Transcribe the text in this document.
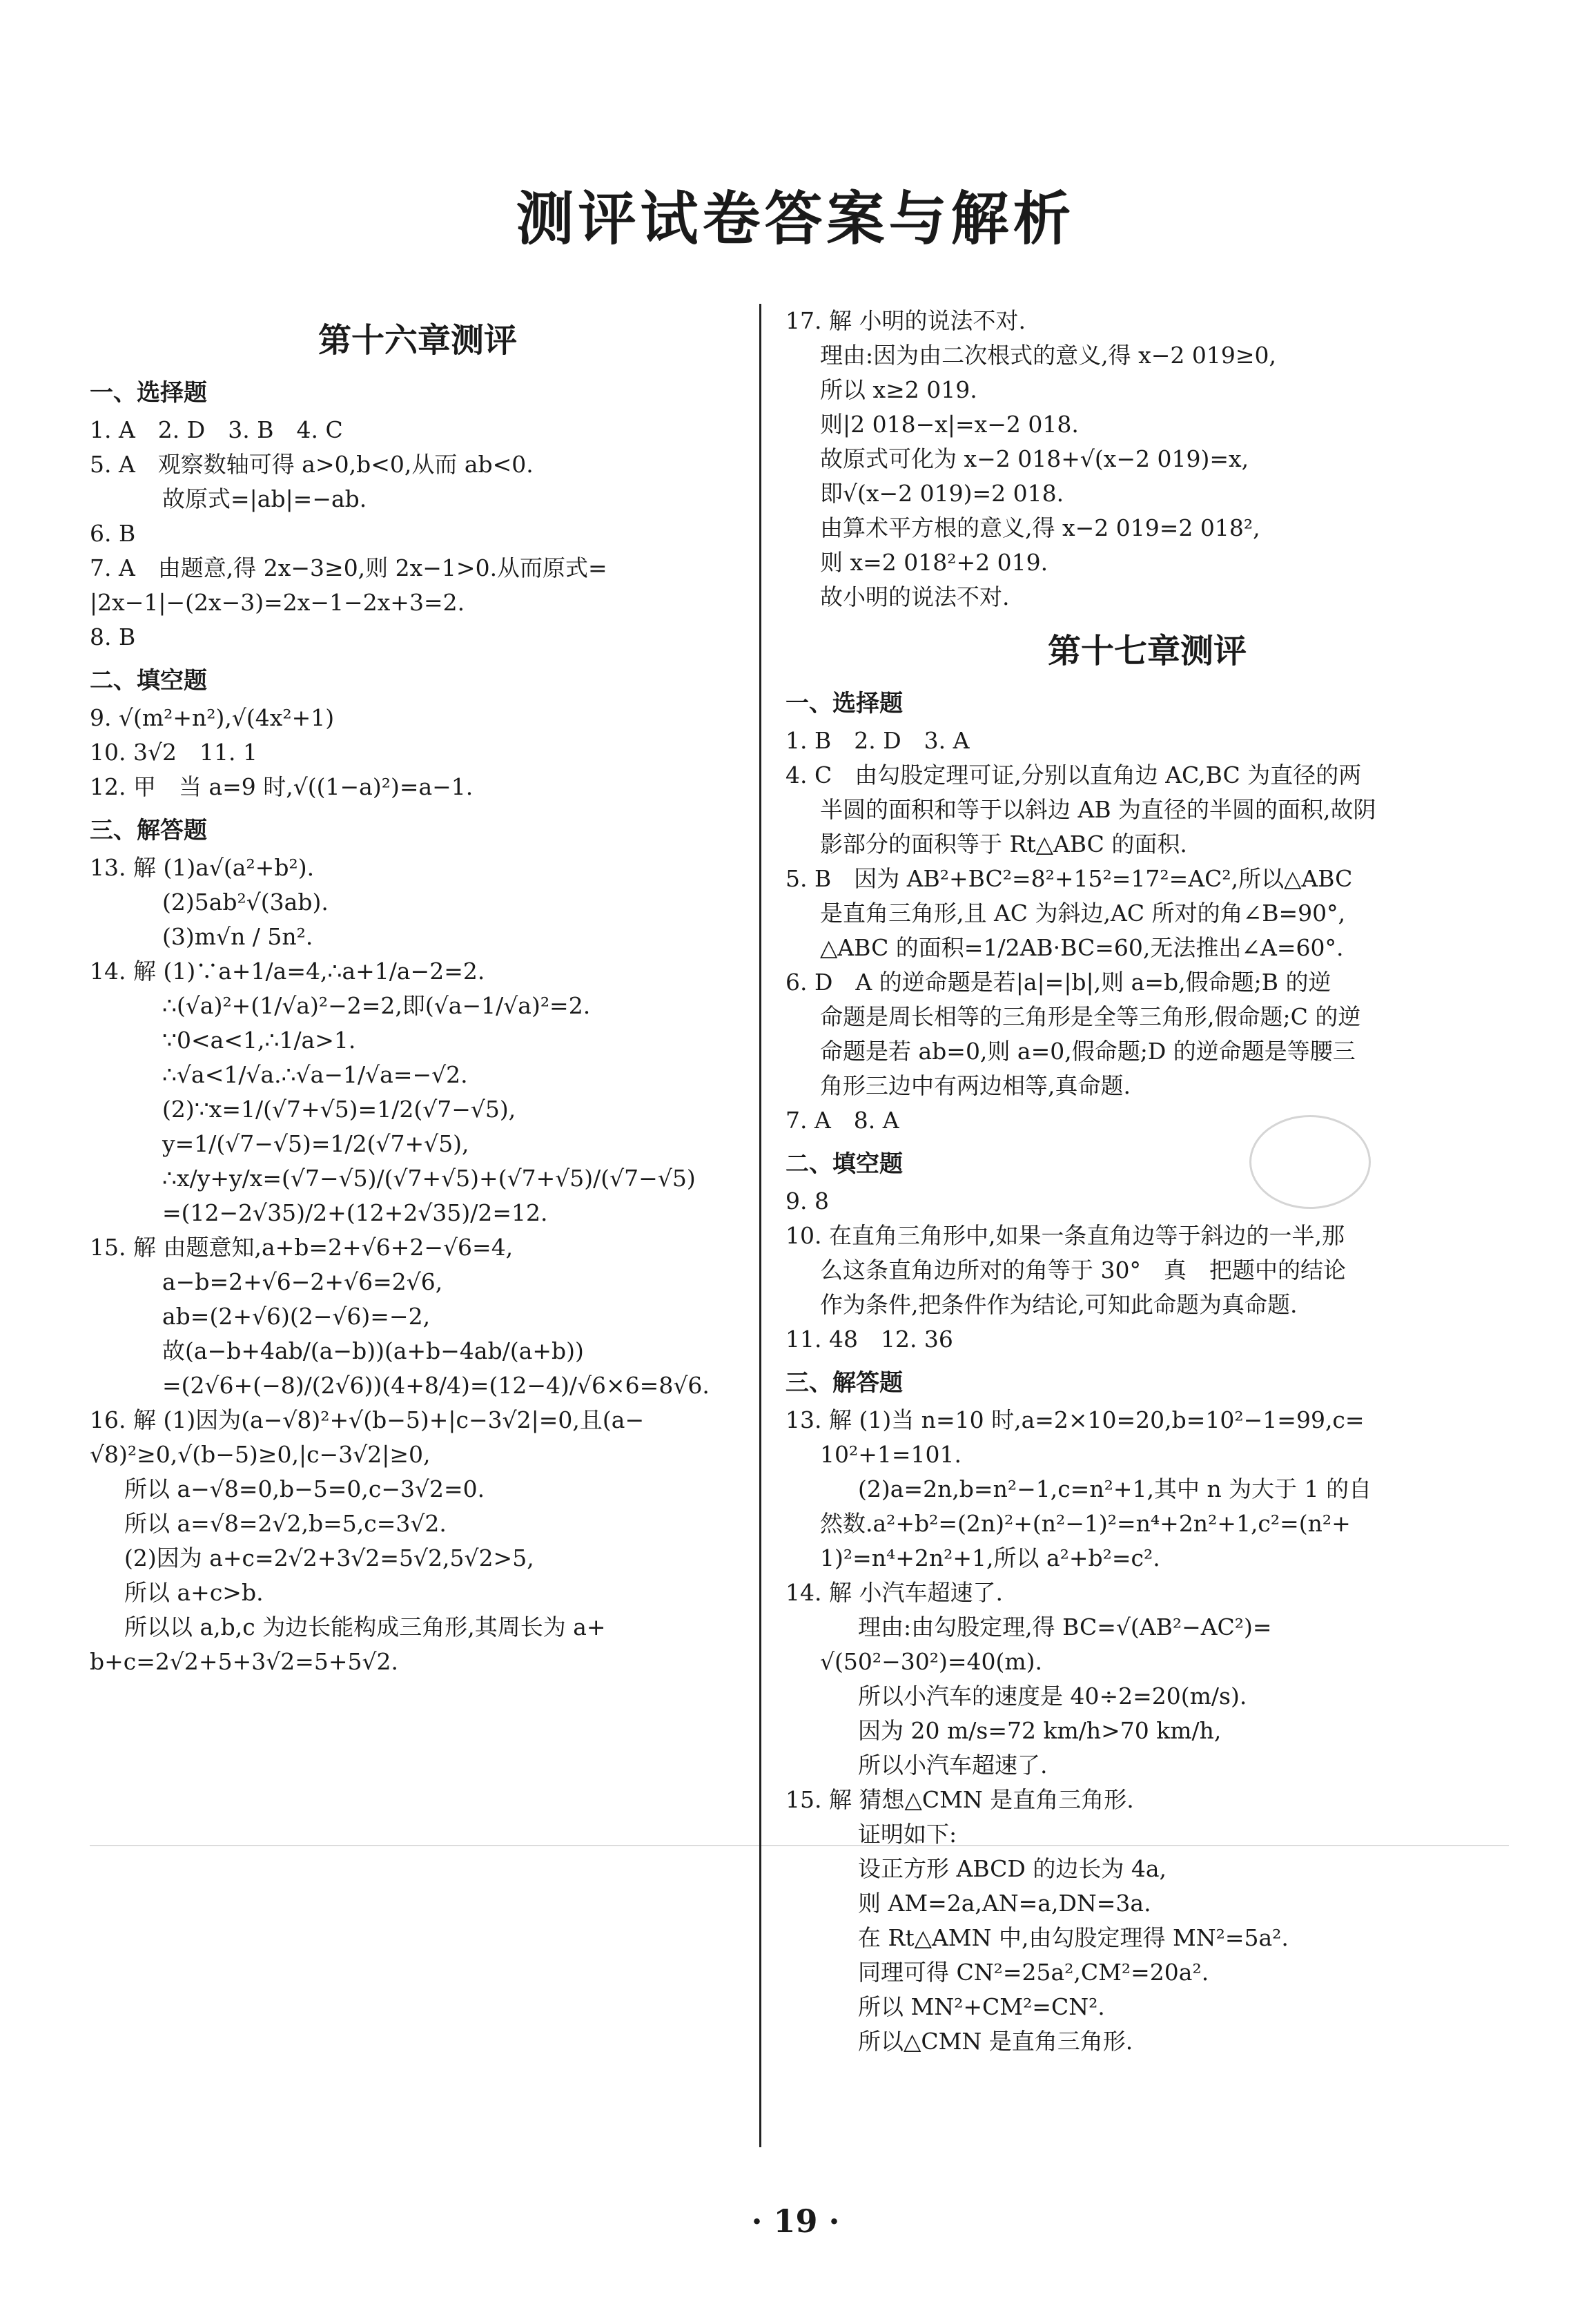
测评试卷答案与解析
第十六章测评
一、选择题
1. A　2. D　3. B　4. C
5. A　观察数轴可得 a>0,b<0,从而 ab<0.
故原式=|ab|=−ab.
6. B
7. A　由题意,得 2x−3≥0,则 2x−1>0.从而原式=
|2x−1|−(2x−3)=2x−1−2x+3=2.
8. B
二、填空题
9. √(m²+n²),√(4x²+1)
10. 3√2　11. 1
12. 甲　当 a=9 时,√((1−a)²)=a−1.
三、解答题
13. 解 (1)a√(a²+b²).
(2)5ab²√(3ab).
(3)m√n / 5n².
14. 解 (1)∵a+1/a=4,∴a+1/a−2=2.
∴(√a)²+(1/√a)²−2=2,即(√a−1/√a)²=2.
∵0<a<1,∴1/a>1.
∴√a<1/√a.∴√a−1/√a=−√2.
(2)∵x=1/(√7+√5)=1/2(√7−√5),
y=1/(√7−√5)=1/2(√7+√5),
∴x/y+y/x=(√7−√5)/(√7+√5)+(√7+√5)/(√7−√5)
=(12−2√35)/2+(12+2√35)/2=12.
15. 解 由题意知,a+b=2+√6+2−√6=4,
a−b=2+√6−2+√6=2√6,
ab=(2+√6)(2−√6)=−2,
故(a−b+4ab/(a−b))(a+b−4ab/(a+b))
=(2√6+(−8)/(2√6))(4+8/4)=(12−4)/√6×6=8√6.
16. 解 (1)因为(a−√8)²+√(b−5)+|c−3√2|=0,且(a−
√8)²≥0,√(b−5)≥0,|c−3√2|≥0,
所以 a−√8=0,b−5=0,c−3√2=0.
所以 a=√8=2√2,b=5,c=3√2.
(2)因为 a+c=2√2+3√2=5√2,5√2>5,
所以 a+c>b.
所以以 a,b,c 为边长能构成三角形,其周长为 a+
b+c=2√2+5+3√2=5+5√2.
17. 解 小明的说法不对.
理由:因为由二次根式的意义,得 x−2 019≥0,
所以 x≥2 019.
则|2 018−x|=x−2 018.
故原式可化为 x−2 018+√(x−2 019)=x,
即√(x−2 019)=2 018.
由算术平方根的意义,得 x−2 019=2 018²,
则 x=2 018²+2 019.
故小明的说法不对.
第十七章测评
一、选择题
1. B　2. D　3. A
4. C　由勾股定理可证,分别以直角边 AC,BC 为直径的两
半圆的面积和等于以斜边 AB 为直径的半圆的面积,故阴
影部分的面积等于 Rt△ABC 的面积.
5. B　因为 AB²+BC²=8²+15²=17²=AC²,所以△ABC
是直角三角形,且 AC 为斜边,AC 所对的角∠B=90°,
△ABC 的面积=1/2AB·BC=60,无法推出∠A=60°.
6. D　A 的逆命题是若|a|=|b|,则 a=b,假命题;B 的逆
命题是周长相等的三角形是全等三角形,假命题;C 的逆
命题是若 ab=0,则 a=0,假命题;D 的逆命题是等腰三
角形三边中有两边相等,真命题.
7. A　8. A
二、填空题
9. 8
10. 在直角三角形中,如果一条直角边等于斜边的一半,那
么这条直角边所对的角等于 30°　真　把题中的结论
作为条件,把条件作为结论,可知此命题为真命题.
11. 48　12. 36
三、解答题
13. 解 (1)当 n=10 时,a=2×10=20,b=10²−1=99,c=
10²+1=101.
(2)a=2n,b=n²−1,c=n²+1,其中 n 为大于 1 的自
然数.a²+b²=(2n)²+(n²−1)²=n⁴+2n²+1,c²=(n²+
1)²=n⁴+2n²+1,所以 a²+b²=c².
14. 解 小汽车超速了.
理由:由勾股定理,得 BC=√(AB²−AC²)=
√(50²−30²)=40(m).
所以小汽车的速度是 40÷2=20(m/s).
因为 20 m/s=72 km/h>70 km/h,
所以小汽车超速了.
15. 解 猜想△CMN 是直角三角形.
证明如下:
设正方形 ABCD 的边长为 4a,
则 AM=2a,AN=a,DN=3a.
在 Rt△AMN 中,由勾股定理得 MN²=5a².
同理可得 CN²=25a²,CM²=20a².
所以 MN²+CM²=CN².
所以△CMN 是直角三角形.
· 19 ·
